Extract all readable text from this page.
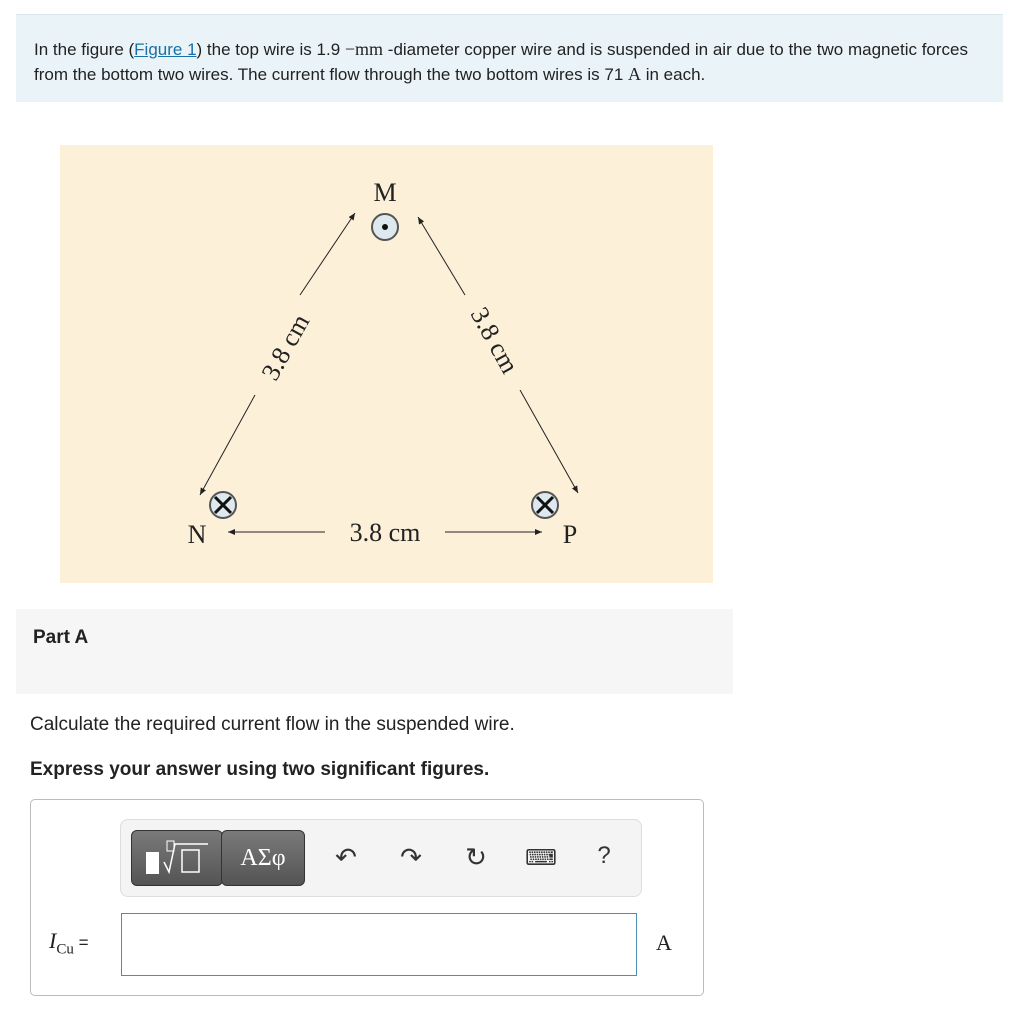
In the figure (Figure 1) the top wire is 1.9 −mm -diameter copper wire and is suspended in air due to the two magnetic forces from the bottom two wires. The current flow through the two bottom wires is 71 A in each.
M
N	P
3.8 cm	3.8 cm
3.8 cm
Part A
Calculate the required current flow in the suspended wire.
Express your answer using two significant figures.
ΑΣφ	↶ ↷ ↻ ⌨	?
$I_{Cu}$ =	A
